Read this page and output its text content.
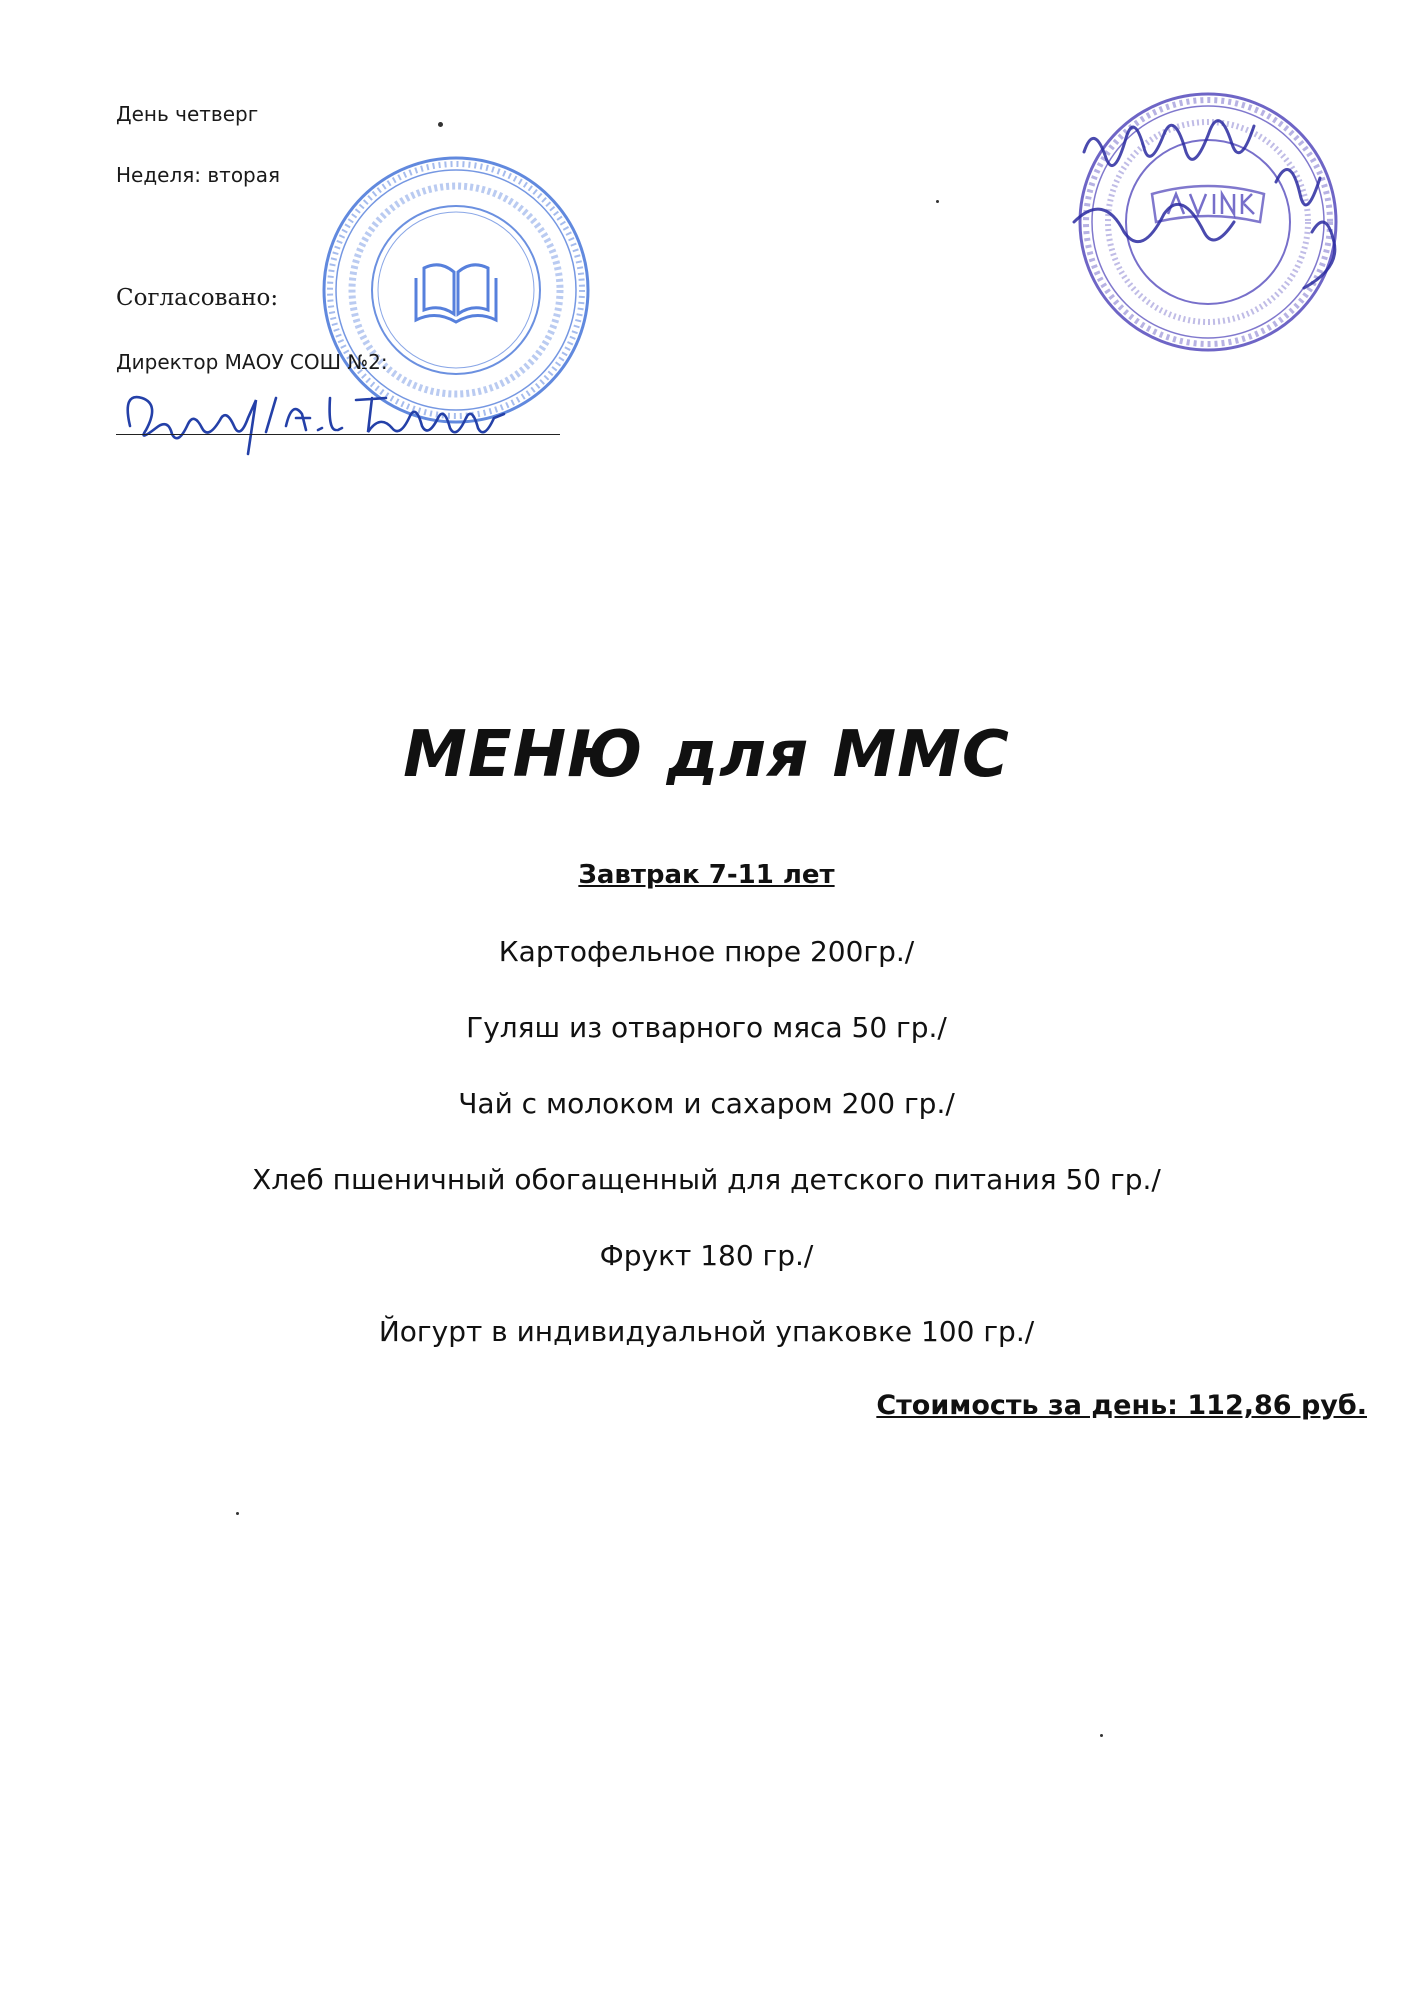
День четверг

Неделя: вторая

Согласовано:

Директор МАОУ СОШ №2:

МЕНЮ для ММС

Завтрак 7-11 лет

Картофельное пюре 200гр./
Гуляш из отварного мяса 50 гр./
Чай с молоком и сахаром 200 гр./
Хлеб пшеничный обогащенный для детского питания 50 гр./
Фрукт 180 гр./
Йогурт в индивидуальной упаковке 100 гр./

Стоимость за день: 112,86 руб.
